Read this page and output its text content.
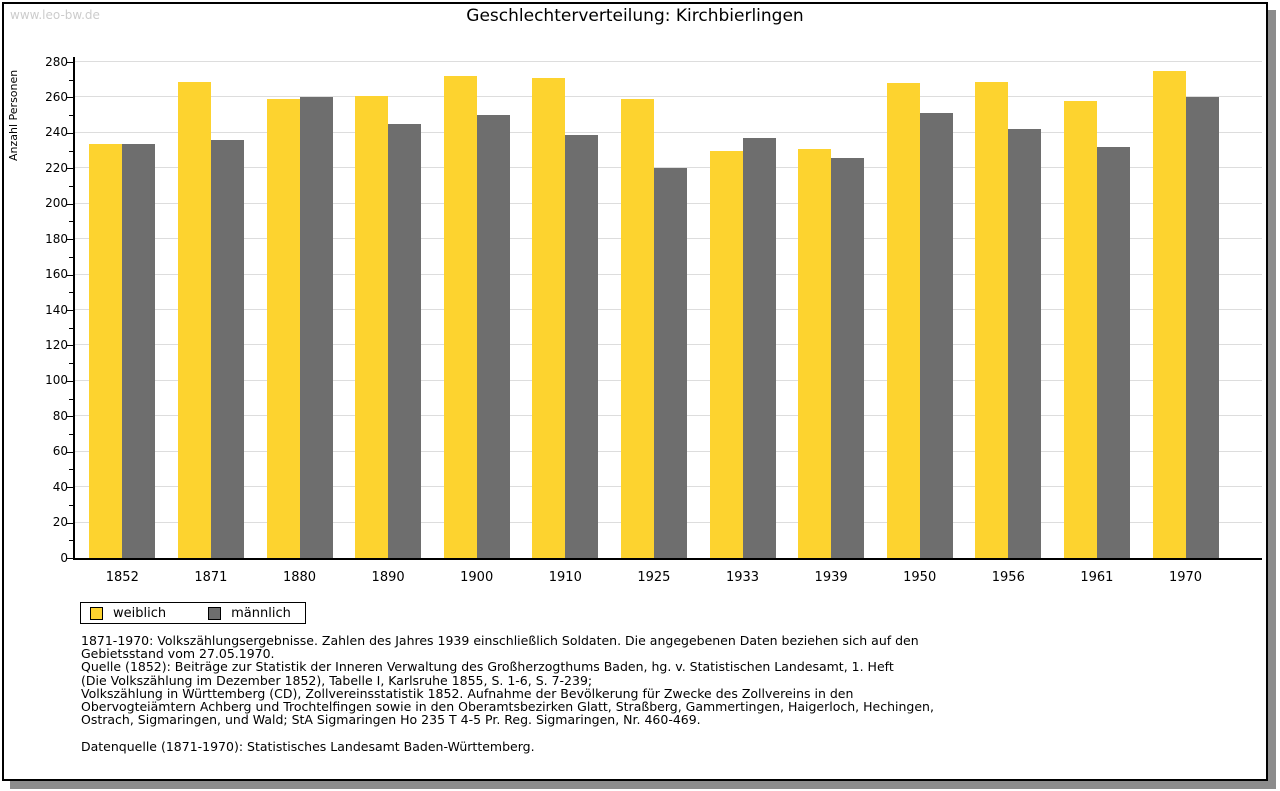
www.leo-bw.de	Geschlechterverteilung: Kirchbierlingen
Anzahl Personen
0
20
40
60
80
100
120
140
160
180
200
220
240
260
280
1852	1871	1880	1890	1900	1910	1925	1933	1939	1950	1956	1961	1970
weiblich	männlich
1871-1970: Volkszählungsergebnisse. Zahlen des Jahres 1939 einschließlich Soldaten. Die angegebenen Daten beziehen sich auf den
Gebietsstand vom 27.05.1970.
Quelle (1852): Beiträge zur Statistik der Inneren Verwaltung des Großherzogthums Baden, hg. v. Statistischen Landesamt, 1. Heft
(Die Volkszählung im Dezember 1852), Tabelle I, Karlsruhe 1855, S. 1-6, S. 7-239;
Volkszählung in Württemberg (CD), Zollvereinsstatistik 1852. Aufnahme der Bevölkerung für Zwecke des Zollvereins in den
Obervogteiämtern Achberg und Trochtelfingen sowie in den Oberamtsbezirken Glatt, Straßberg, Gammertingen, Haigerloch, Hechingen,
Ostrach, Sigmaringen, und Wald; StA Sigmaringen Ho 235 T 4-5 Pr. Reg. Sigmaringen, Nr. 460-469.
Datenquelle (1871-1970): Statistisches Landesamt Baden-Württemberg.
